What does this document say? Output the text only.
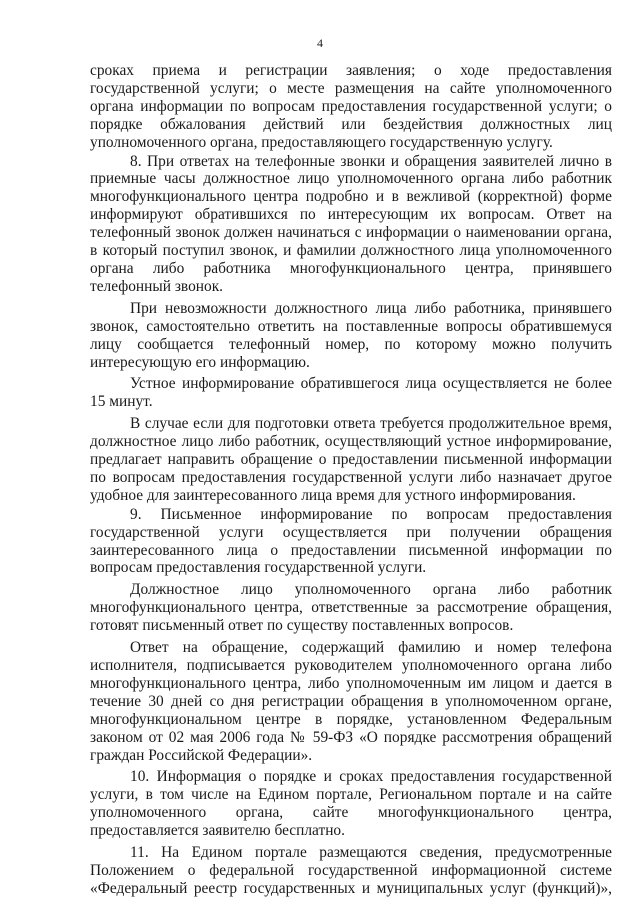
4

сроках приема и регистрации заявления; о ходе предоставления государственной услуги; о месте размещения на сайте уполномоченного органа информации по вопросам предоставления государственной услуги; о порядке обжалования действий или бездействия должностных лиц уполномоченного органа, предоставляющего государственную услугу.

8. При ответах на телефонные звонки и обращения заявителей лично в приемные часы должностное лицо уполномоченного органа либо работник многофункционального центра подробно и в вежливой (корректной) форме информируют обратившихся по интересующим их вопросам. Ответ на телефонный звонок должен начинаться с информации о наименовании органа, в который поступил звонок, и фамилии должностного лица уполномоченного органа либо работника многофункционального центра, принявшего телефонный звонок.

При невозможности должностного лица либо работника, принявшего звонок, самостоятельно ответить на поставленные вопросы обратившемуся лицу сообщается телефонный номер, по которому можно получить интересующую его информацию.

Устное информирование обратившегося лица осуществляется не более 15 минут.

В случае если для подготовки ответа требуется продолжительное время, должностное лицо либо работник, осуществляющий устное информирование, предлагает направить обращение о предоставлении письменной информации по вопросам предоставления государственной услуги либо назначает другое удобное для заинтересованного лица время для устного информирования.

9. Письменное информирование по вопросам предоставления государственной услуги осуществляется при получении обращения заинтересованного лица о предоставлении письменной информации по вопросам предоставления государственной услуги.

Должностное лицо уполномоченного органа либо работник многофункционального центра, ответственные за рассмотрение обращения, готовят письменный ответ по существу поставленных вопросов.

Ответ на обращение, содержащий фамилию и номер телефона исполнителя, подписывается руководителем уполномоченного органа либо многофункционального центра, либо уполномоченным им лицом и дается в течение 30 дней со дня регистрации обращения в уполномоченном органе, многофункциональном центре в порядке, установленном Федеральным законом от 02 мая 2006 года № 59-ФЗ «О порядке рассмотрения обращений граждан Российской Федерации».

10. Информация о порядке и сроках предоставления государственной услуги, в том числе на Едином портале, Региональном портале и на сайте уполномоченного органа, сайте многофункционального центра, предоставляется заявителю бесплатно.

11. На Едином портале размещаются сведения, предусмотренные Положением о федеральной государственной информационной системе «Федеральный реестр государственных и муниципальных услуг (функций)»,
